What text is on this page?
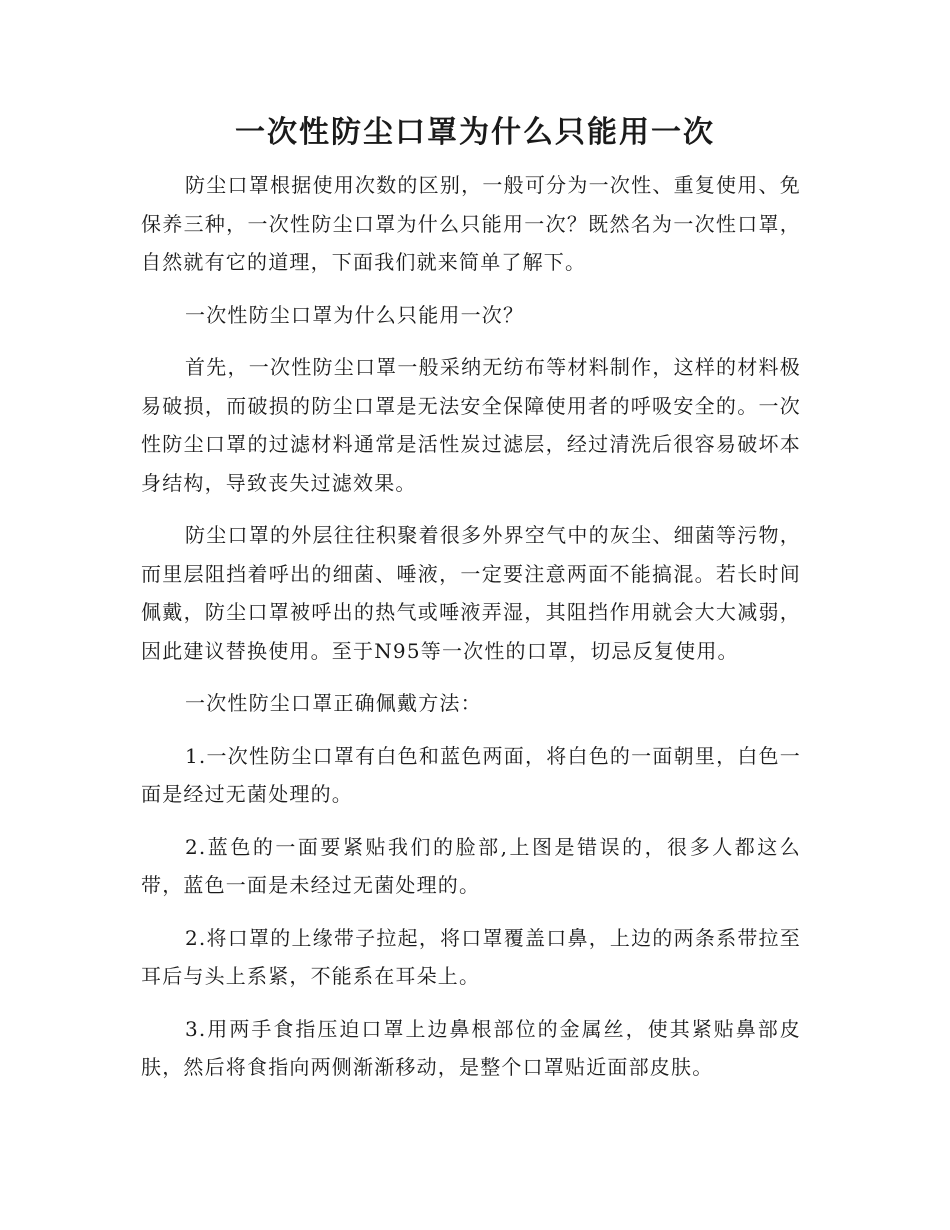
一次性防尘口罩为什么只能用一次

防尘口罩根据使用次数的区别，一般可分为一次性、重复使用、免保养三种，一次性防尘口罩为什么只能用一次？既然名为一次性口罩，自然就有它的道理，下面我们就来简单了解下。

一次性防尘口罩为什么只能用一次？

首先，一次性防尘口罩一般采纳无纺布等材料制作，这样的材料极易破损，而破损的防尘口罩是无法安全保障使用者的呼吸安全的。一次性防尘口罩的过滤材料通常是活性炭过滤层，经过清洗后很容易破坏本身结构，导致丧失过滤效果。

防尘口罩的外层往往积聚着很多外界空气中的灰尘、细菌等污物，而里层阻挡着呼出的细菌、唾液，一定要注意两面不能搞混。若长时间佩戴，防尘口罩被呼出的热气或唾液弄湿，其阻挡作用就会大大减弱，因此建议替换使用。至于N95等一次性的口罩，切忌反复使用。

一次性防尘口罩正确佩戴方法：

1.一次性防尘口罩有白色和蓝色两面，将白色的一面朝里，白色一面是经过无菌处理的。

2.蓝色的一面要紧贴我们的脸部,上图是错误的，很多人都这么带，蓝色一面是未经过无菌处理的。

2.将口罩的上缘带子拉起，将口罩覆盖口鼻，上边的两条系带拉至耳后与头上系紧，不能系在耳朵上。

3.用两手食指压迫口罩上边鼻根部位的金属丝，使其紧贴鼻部皮肤，然后将食指向两侧渐渐移动，是整个口罩贴近面部皮肤。
